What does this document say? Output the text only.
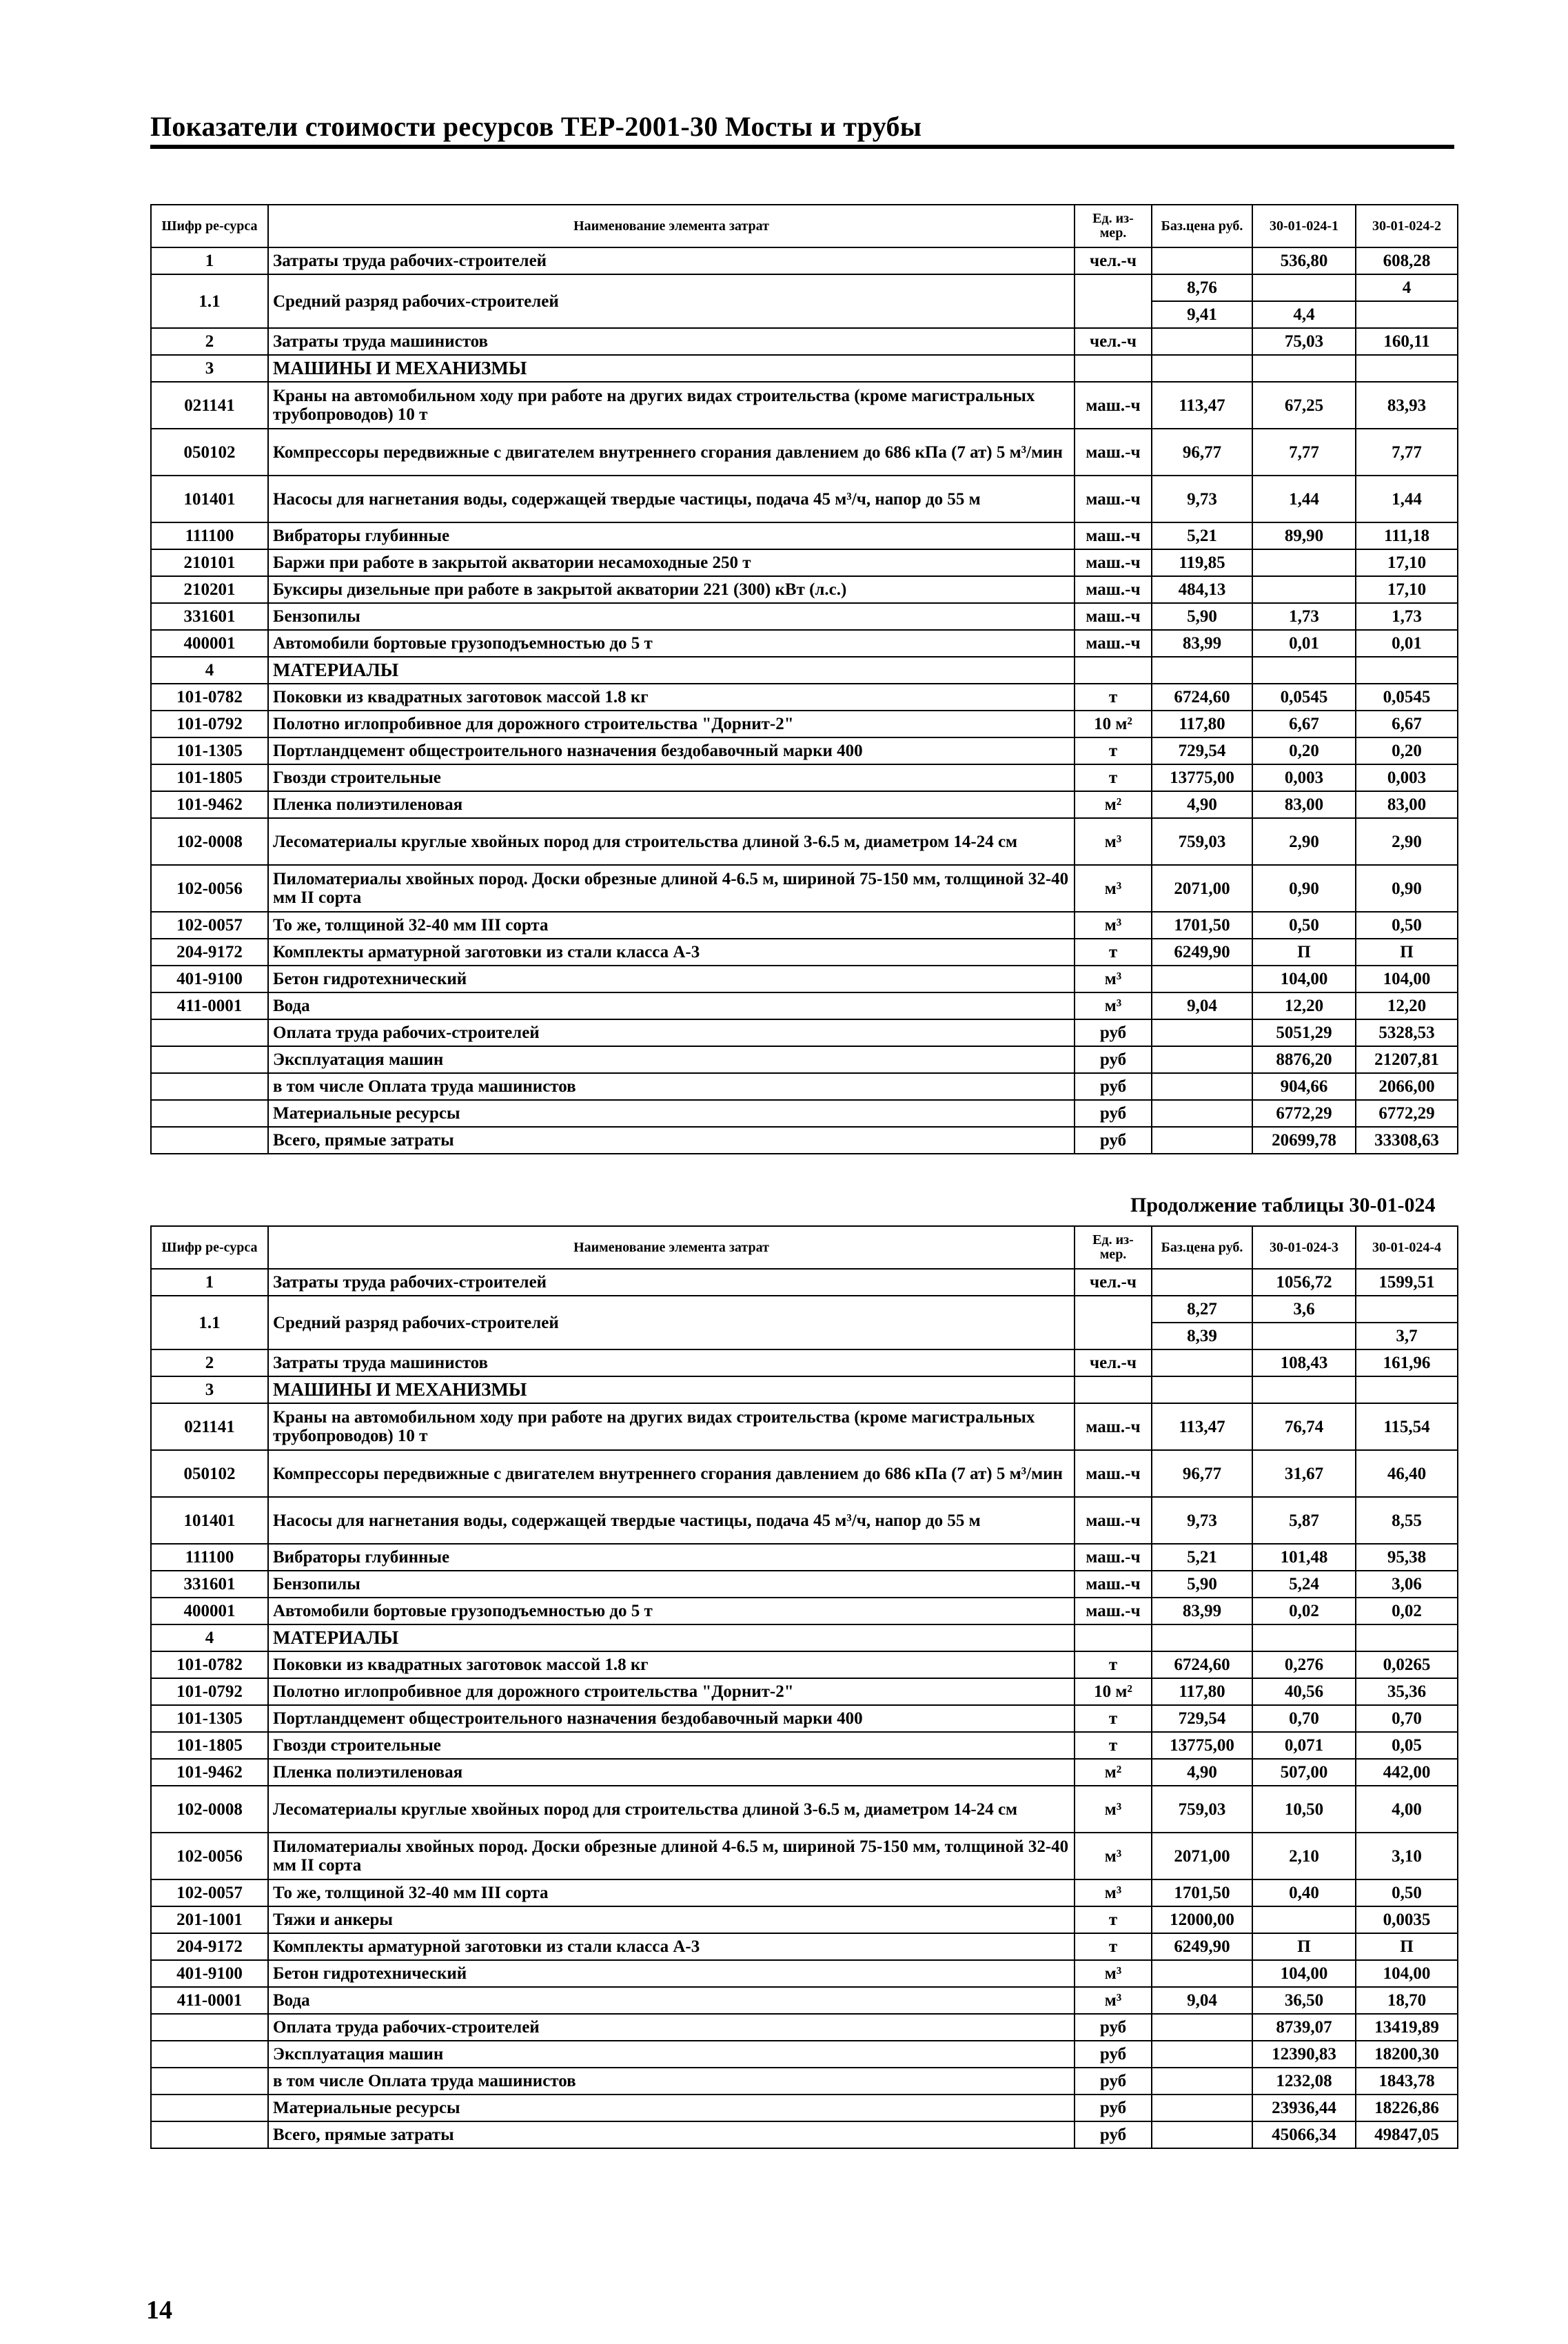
Показатели стоимости ресурсов ТЕР-2001-30 Мосты и трубы
Шифр ре-сурса	Наименование элемента затрат	Ед. из-мер.	Баз.цена руб.	30-01-024-1	30-01-024-2
1	Затраты труда рабочих-строителей	чел.-ч		536,80	608,28
1.1	Средний разряд рабочих-строителей		8,76		4
			9,41	4,4	
2	Затраты труда машинистов	чел.-ч		75,03	160,11
3	МАШИНЫ И МЕХАНИЗМЫ				
021141	Краны на автомобильном ходу при работе на других видах строительства (кроме магистральных трубопроводов) 10 т	маш.-ч	113,47	67,25	83,93
050102	Компрессоры передвижные с двигателем внутреннего сгорания давлением до 686 кПа (7 ат) 5 м³/мин	маш.-ч	96,77	7,77	7,77
101401	Насосы для нагнетания воды, содержащей твердые частицы, подача 45 м³/ч, напор до 55 м	маш.-ч	9,73	1,44	1,44
111100	Вибраторы глубинные	маш.-ч	5,21	89,90	111,18
210101	Баржи при работе в закрытой акватории несамоходные 250 т	маш.-ч	119,85		17,10
210201	Буксиры дизельные при работе в закрытой акватории 221 (300) кВт (л.с.)	маш.-ч	484,13		17,10
331601	Бензопилы	маш.-ч	5,90	1,73	1,73
400001	Автомобили бортовые грузоподъемностью до 5 т	маш.-ч	83,99	0,01	0,01
4	МАТЕРИАЛЫ				
101-0782	Поковки из квадратных заготовок массой 1.8 кг	т	6724,60	0,0545	0,0545
101-0792	Полотно иглопробивное для дорожного строительства "Дорнит-2"	10 м²	117,80	6,67	6,67
101-1305	Портландцемент общестроительного назначения бездобавочный марки 400	т	729,54	0,20	0,20
101-1805	Гвозди строительные	т	13775,00	0,003	0,003
101-9462	Пленка полиэтиленовая	м²	4,90	83,00	83,00
102-0008	Лесоматериалы круглые хвойных пород для строительства длиной 3-6.5 м, диаметром 14-24 см	м³	759,03	2,90	2,90
102-0056	Пиломатериалы хвойных пород. Доски обрезные длиной 4-6.5 м, шириной 75-150 мм, толщиной 32-40 мм II сорта	м³	2071,00	0,90	0,90
102-0057	То же, толщиной 32-40 мм III сорта	м³	1701,50	0,50	0,50
204-9172	Комплекты арматурной заготовки из стали класса А-3	т	6249,90	П	П
401-9100	Бетон гидротехнический	м³		104,00	104,00
411-0001	Вода	м³	9,04	12,20	12,20
	Оплата труда рабочих-строителей	руб		5051,29	5328,53
	Эксплуатация машин	руб		8876,20	21207,81
	в том числе Оплата труда машинистов	руб		904,66	2066,00
	Материальные ресурсы	руб		6772,29	6772,29
	Всего, прямые затраты	руб		20699,78	33308,63
Продолжение таблицы 30-01-024
Шифр ре-сурса	Наименование элемента затрат	Ед. из-мер.	Баз.цена руб.	30-01-024-3	30-01-024-4
1	Затраты труда рабочих-строителей	чел.-ч		1056,72	1599,51
1.1	Средний разряд рабочих-строителей		8,27	3,6	
			8,39		3,7
2	Затраты труда машинистов	чел.-ч		108,43	161,96
3	МАШИНЫ И МЕХАНИЗМЫ				
021141	Краны на автомобильном ходу при работе на других видах строительства (кроме магистральных трубопроводов) 10 т	маш.-ч	113,47	76,74	115,54
050102	Компрессоры передвижные с двигателем внутреннего сгорания давлением до 686 кПа (7 ат) 5 м³/мин	маш.-ч	96,77	31,67	46,40
101401	Насосы для нагнетания воды, содержащей твердые частицы, подача 45 м³/ч, напор до 55 м	маш.-ч	9,73	5,87	8,55
111100	Вибраторы глубинные	маш.-ч	5,21	101,48	95,38
331601	Бензопилы	маш.-ч	5,90	5,24	3,06
400001	Автомобили бортовые грузоподъемностью до 5 т	маш.-ч	83,99	0,02	0,02
4	МАТЕРИАЛЫ				
101-0782	Поковки из квадратных заготовок массой 1.8 кг	т	6724,60	0,276	0,0265
101-0792	Полотно иглопробивное для дорожного строительства "Дорнит-2"	10 м²	117,80	40,56	35,36
101-1305	Портландцемент общестроительного назначения бездобавочный марки 400	т	729,54	0,70	0,70
101-1805	Гвозди строительные	т	13775,00	0,071	0,05
101-9462	Пленка полиэтиленовая	м²	4,90	507,00	442,00
102-0008	Лесоматериалы круглые хвойных пород для строительства длиной 3-6.5 м, диаметром 14-24 см	м³	759,03	10,50	4,00
102-0056	Пиломатериалы хвойных пород. Доски обрезные длиной 4-6.5 м, шириной 75-150 мм, толщиной 32-40 мм II сорта	м³	2071,00	2,10	3,10
102-0057	То же, толщиной 32-40 мм III сорта	м³	1701,50	0,40	0,50
201-1001	Тяжи и анкеры	т	12000,00		0,0035
204-9172	Комплекты арматурной заготовки из стали класса А-3	т	6249,90	П	П
401-9100	Бетон гидротехнический	м³		104,00	104,00
411-0001	Вода	м³	9,04	36,50	18,70
	Оплата труда рабочих-строителей	руб		8739,07	13419,89
	Эксплуатация машин	руб		12390,83	18200,30
	в том числе Оплата труда машинистов	руб		1232,08	1843,78
	Материальные ресурсы	руб		23936,44	18226,86
	Всего, прямые затраты	руб		45066,34	49847,05
14
